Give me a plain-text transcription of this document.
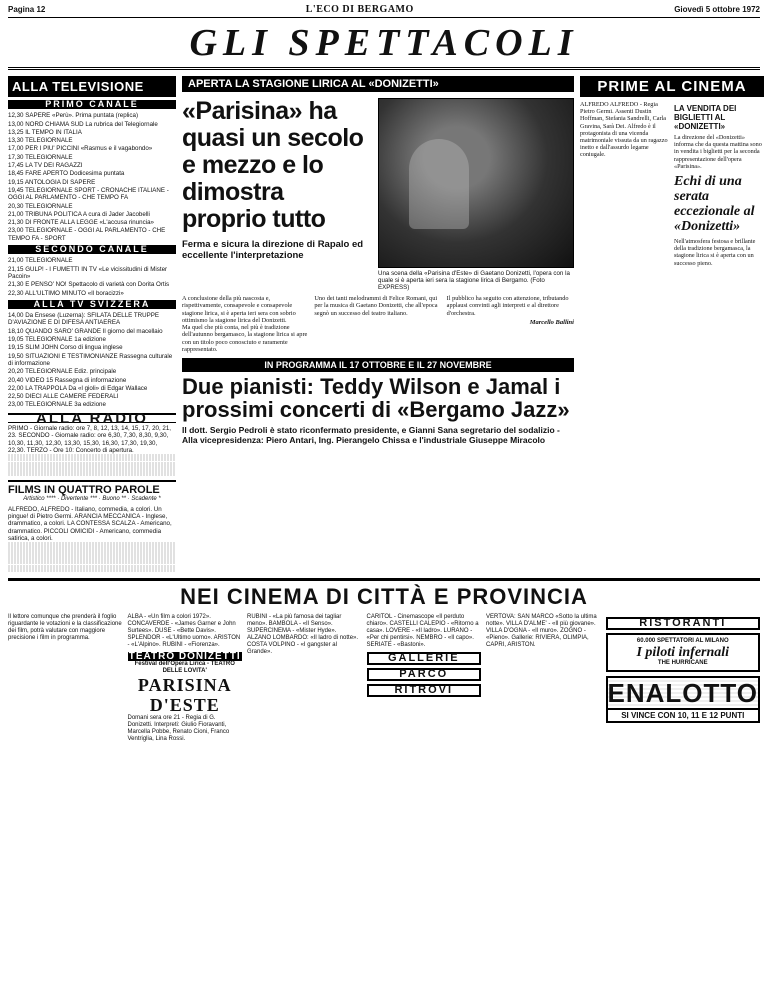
Pagina 12	L'ECO DI BERGAMO	Giovedì 5 ottobre 1972
GLI SPETTACOLI
ALLA TELEVISIONE
PRIMO CANALE
12,30 SAPERE «Perù». Prima puntata (replica)
13,00 NORD CHIAMA SUD La rubrica del Telegiornale
13,25 IL TEMPO IN ITALIA
13,30 TELEGIORNALE
17,00 PER I PIU' PICCINI «Rasmus e il vagabondo»
17,30 TELEGIORNALE
17,45 LA TV DEI RAGAZZI
18,45 FARE APERTO Dodicesima puntata
19,15 ANTOLOGIA DI SAPERE
19,45 TELEGIORNALE SPORT - CRONACHE ITALIANE - OGGI AL PARLAMENTO - CHE TEMPO FA
20,30 TELEGIORNALE
21,00 TRIBUNA POLITICA A cura di Jader Jacobelli
21,30 DI FRONTE ALLA LEGGE «L'accusa rinuncia»
23,00 TELEGIORNALE - OGGI AL PARLAMENTO - CHE TEMPO FA - SPORT
SECONDO CANALE
21,00 TELEGIORNALE
21,15 GULP! - I FUMETTI IN TV «Le vicissitudini di Mister Pacoin»
21,30 E PENSO' NO! Spettacolo di varietà con Dorita Ortis
22,30 ALL'ULTIMO MINUTO «Il boracizzi»
ALLA TV SVIZZERA
14,00 Da Ensese (Luzerna): SFILATA DELLE TRUPPE D'AVIAZIONE E DI DIFESA ANTIAEREA
18,10 QUANDO SARO' GRANDE Il giorno del macellaio
19,05 TELEGIORNALE 1a edizione
19,15 SLIM JOHN Corso di lingua inglese
19,50 SITUAZIONI E TESTIMONIANZE Rassegna culturale di informazione
20,20 TELEGIORNALE Ediz. principale
20,40 VIDEO 15 Rassegna di informazione
22,00 LA TRAPPOLA Da «l gioli» di Edgar Wallace
22,50 DIECI ALLE CAMERE FEDERALI
23,00 TELEGIORNALE 3a edizione
ALLA RADIO
PRIMO - Giornale radio: ore 7, 8, 12, 13, 14, 15, 17, 20, 21, 23. SECONDO - Giornale radio: ore 6,30, 7,30, 8,30, 9,30, 10,30, 11,30, 12,30, 13,30, 15,30, 16,30, 17,30, 19,30, 22,30. TERZO - Ore 10: Concerto di apertura.
FILMS IN QUATTRO PAROLE
Artistico **** · Divertente *** · Buono ** · Scadente *
ALFREDO, ALFREDO - Italiano, commedia, a colori. Un pingue! di Pietro Germi. ARANCIA MECCANICA - Inglese, drammatico, a colori. LA CONTESSA SCALZA - Americano, drammatico. PICCOLI OMICIDI - Americano, commedia satirica, a colori.
APERTA LA STAGIONE LIRICA AL «DONIZETTI»
«Parisina» ha quasi un secolo e mezzo e lo dimostra proprio tutto
Ferma e sicura la direzione di Rapalo ed eccellente l'interpretazione
Una scena della «Parisina d'Este» di Gaetano Donizetti, l'opera con la quale si è aperta ieri sera la stagione lirica di Bergamo. (Foto EXPRESS)

A conclusione della più nascosta e, rispettivamente, consapevole e consapevole stagione lirica, si è aperta ieri sera con sobrio ottimismo la stagione lirica del Donizetti.

Ma quel che più conta, nel più è tradizione dell'autunno bergamasco, la stagione lirica si apre con un titolo poco conosciuto e raramente rappresentato.

Uno dei tanti melodrammi di Felice Romani, qui per la musica di Gaetano Donizetti, che all'epoca segnò un successo del teatro italiano.

Il pubblico ha seguito con attenzione, tributando applausi convinti agli interpreti e al direttore d'orchestra.

Marcello Ballini
IN PROGRAMMA IL 17 OTTOBRE E IL 27 NOVEMBRE
Due pianisti: Teddy Wilson e Jamal i prossimi concerti di «Bergamo Jazz»
Il dott. Sergio Pedroli è stato riconfermato presidente, e Gianni Sana segretario del sodalizio - Alla vicepresidenza: Piero Antari, Ing. Pierangelo Chissa e l'industriale Giuseppe Miracolo
PRIME AL CINEMA

ALFREDO ALFREDO - Regia Pietro Germi. Assenti Dustin Hoffman, Stefania Sandrelli, Carla Gravina, Sarà Dei. Alfredo è il protagonista di una vicenda matrimoniale vissuta da un ragazzo inetto e dall'assurdo legame coniugale.

LA VENDITA DEI BIGLIETTI AL «DONIZETTI»

La direzione del «Donizetti» informa che da questa mattina sono in vendita i biglietti per la seconda rappresentazione dell'opera «Parisina».

Echi di una serata eccezionale al «Donizetti»

Nell'atmosfera festosa e brillante della tradizione bergamasca, la stagione lirica si è aperta con un successo pieno.

NEI CINEMA DI CITTÀ E PROVINCIA

Il lettore comunque che prenderà il foglio riguardante le votazioni e la classificazione dei film, potrà valutare con maggiore precisione i film in programma.

ALBA - «Un film a colori 1972». CONCAVERDE - «James Garner e John Surtees». DUSE - «Bette Davis». SPLENDOR - «L'Ultimo uomo». ARISTON - «L'Alpino». RUBINI - «Fiorenza».

TEATRO DONIZETTI
Festival dell'Opera Lirica - TEATRO DELLE LOVITA'
PARISINA D'ESTE

Domani sera ore 21 - Regia di G. Donizetti. Interpreti: Giulio Fioravanti, Marcella Pobbe, Renato Cioni, Franco Ventriglia, Lina Rossi.

RUBINI - «La più famosa dei tagliar meno». BAMBOLA - «Il Senso». SUPERCINEMA - «Mister Hyde». ALZANO LOMBARDO: «Il ladro di notte». COSTA VOLPINO - «I gangster al Grande».

CARITOL - Cinemascope «Il perduto chiaro». CASTELLI CALEPIO - «Ritorno a casa». LOVERE - «Il ladro». LURANO - «Per chi pentirsi». NEMBRO - «Il capo». SERIATE - «Bastoni».

GALLERIE
PARCO
RITROVI

VERTOVA: SAN MARCO «Sotto la ultima notte». VILLA D'ALME' - «Il più giovane». VILLA D'OGNA - «Il muro». ZOGNO - «Pieno». Gallerie: RIVIERA, OLIMPIA, CAPRI, ARISTON.

RISTORANTI
60.000 SPETTATORI AL MILANO
I piloti infernali
THE HURRICANE
ENALOTTO
SI VINCE CON 10, 11 E 12 PUNTI
